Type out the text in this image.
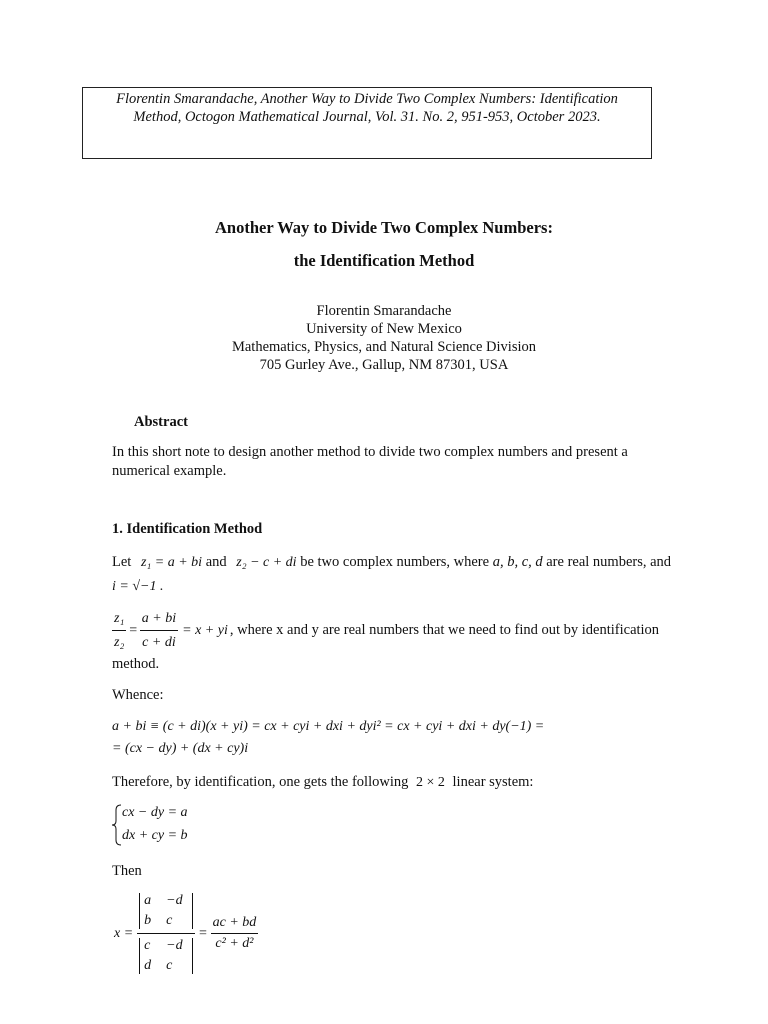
Florentin Smarandache, Another Way to Divide Two Complex Numbers: Identification
Method, Octogon Mathematical Journal, Vol. 31. No. 2, 951-953, October 2023.
Another Way to Divide Two Complex Numbers:
the Identification Method
Florentin Smarandache
University of New Mexico
Mathematics, Physics, and Natural Science Division
705 Gurley Ave., Gallup, NM 87301, USA
Abstract
In this short note to design another method to divide two complex numbers and present a
numerical example.
1. Identification Method
Let z₁ = a + bi and z₂ − c + di be two complex numbers, where a, b, c, d are real numbers, and
i = √−1 .
$\frac{\text{z₁}}{\text{z₂}} = \frac{a + bi}{c + di} = x$ + yi , where x and y are real numbers that we need to find out by identification
method.
Whence:
a + bi ≡ (c + di)(x + yi) = cx + cyi + dxi + dyi² = cx + cyi + dxi + dy(−1) =
= (cx − dy) + (dx + cy)i
Therefore, by identification, one gets the following 2 × 2 linear system:
cx − dy = a
dx + cy = b
Then
x = a	−d
b	c
c	−d
d	$c = \frac{ac + bd}{\text{c² + d²}}$
